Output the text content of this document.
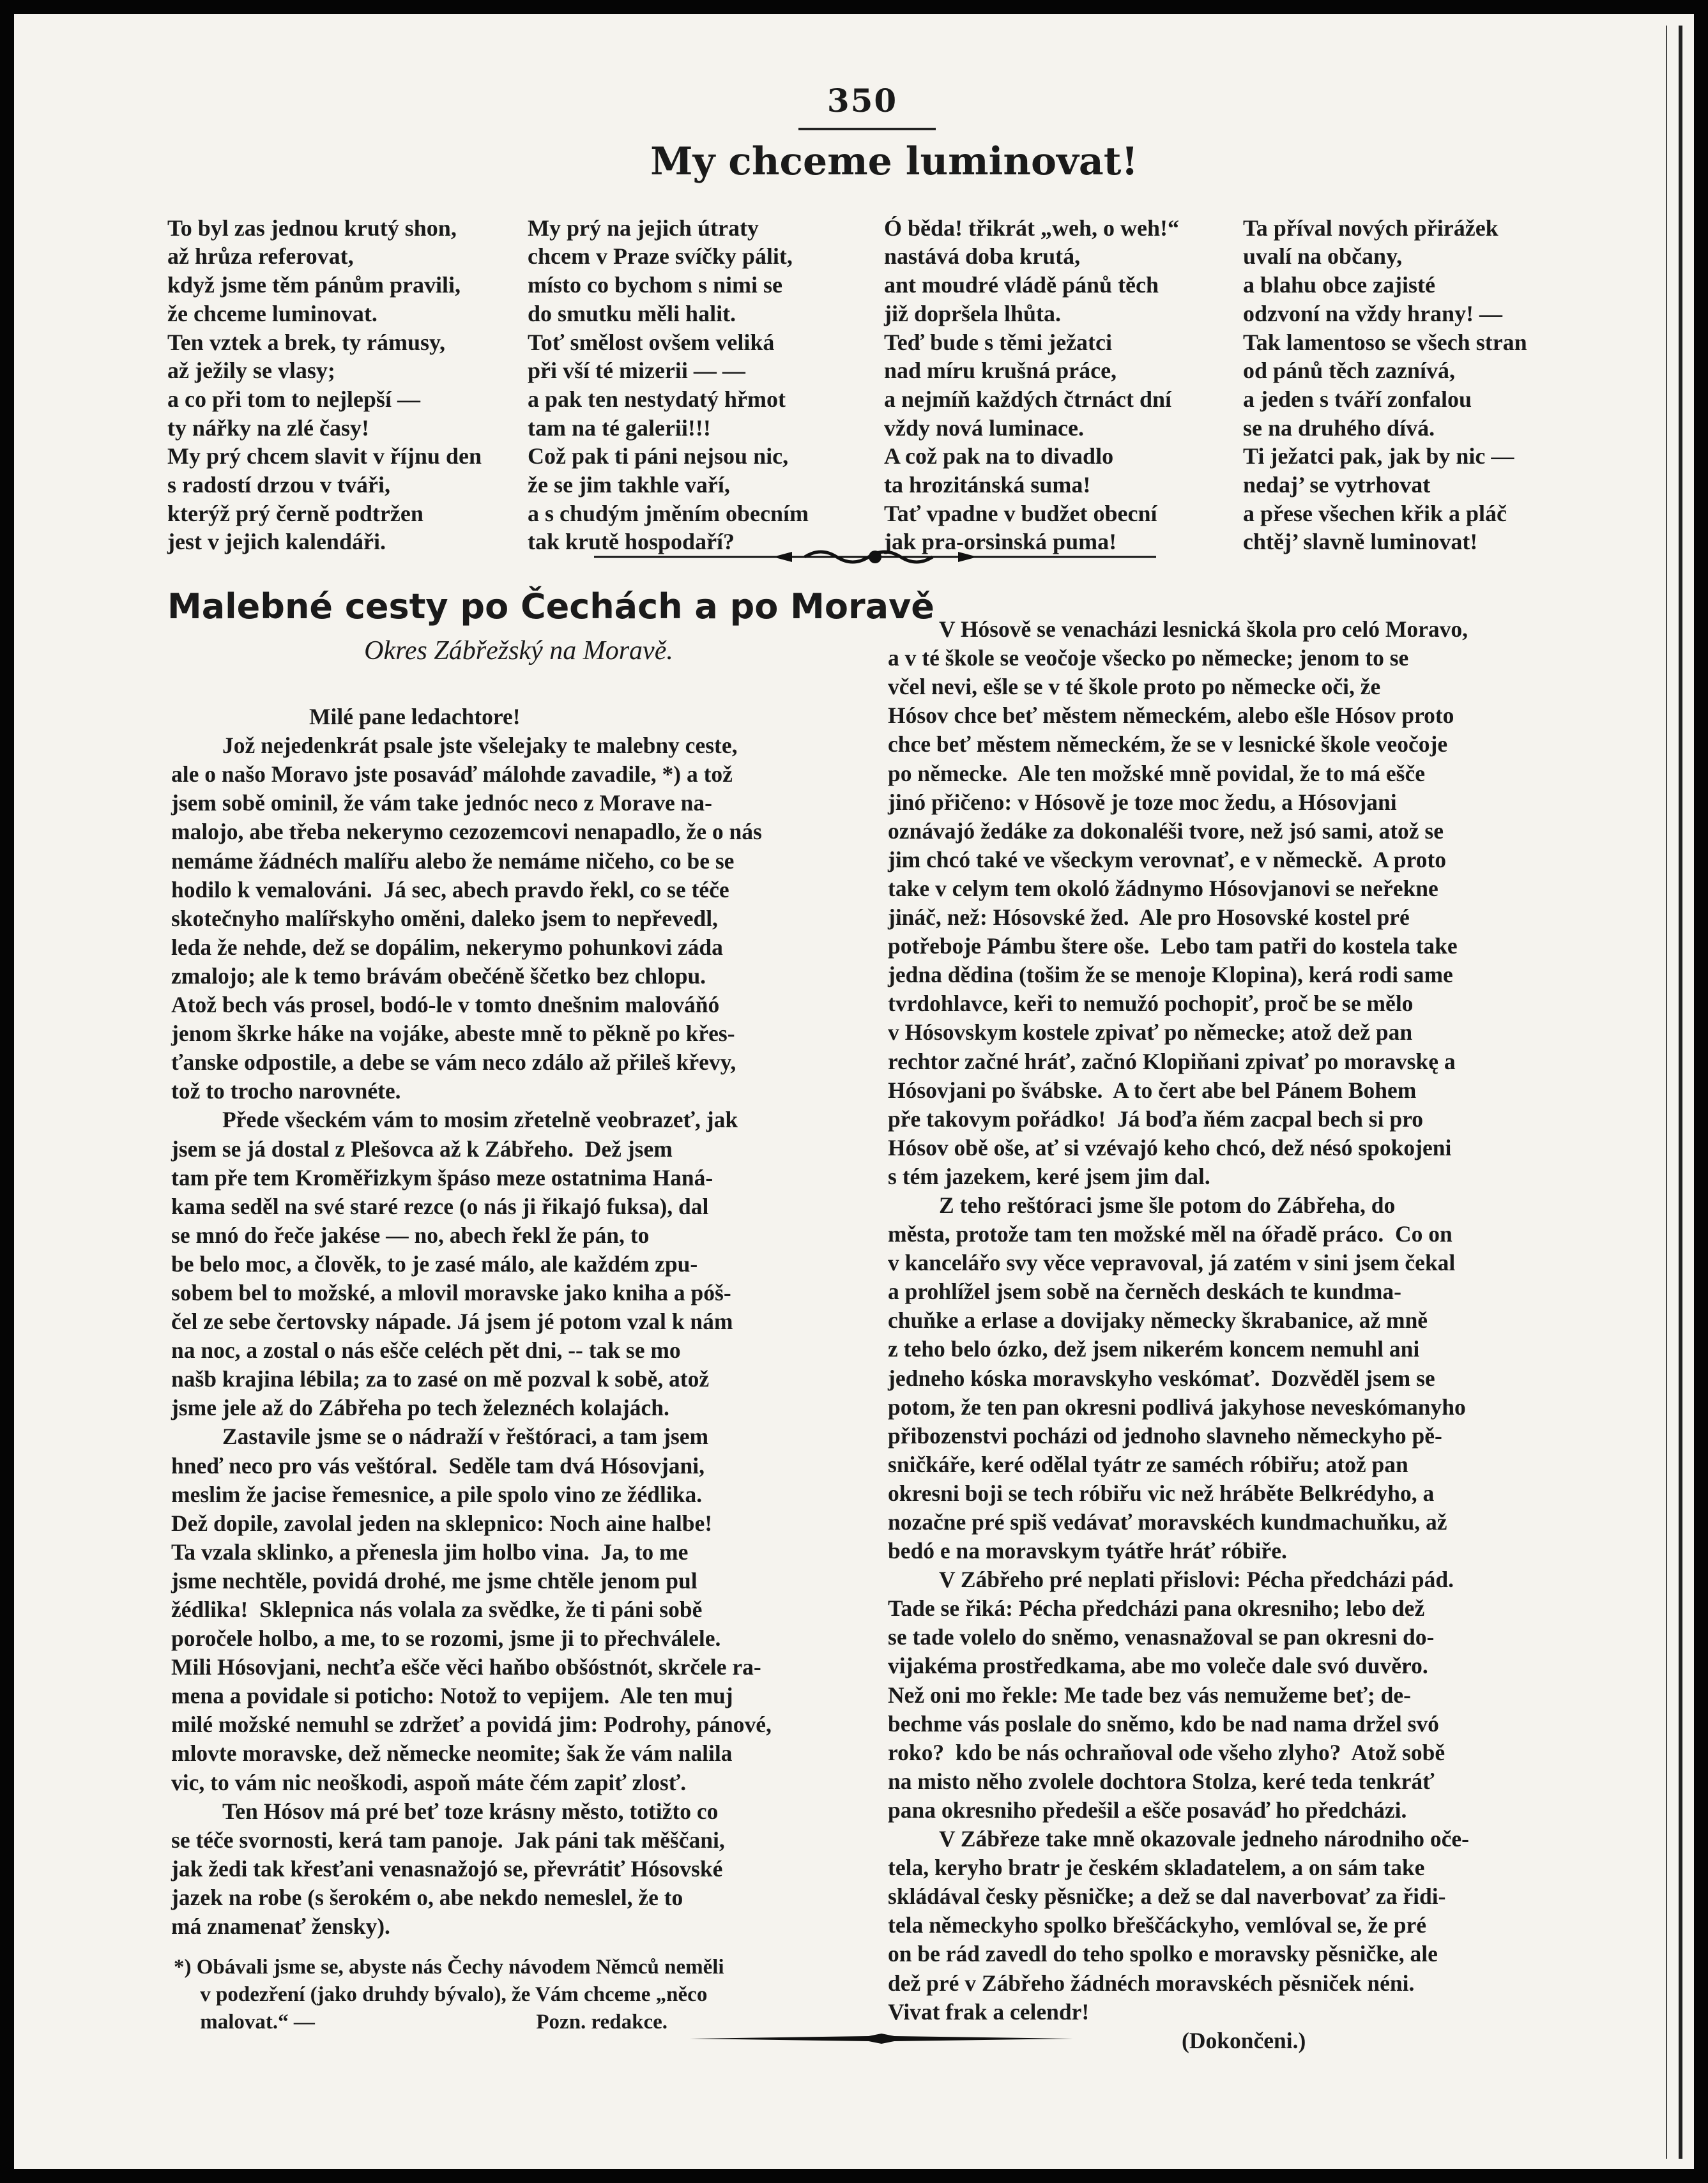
350
My chceme luminovat!

To byl zas jednou krutý shon,
až hrůza referovat,
když jsme těm pánům pravili,
že chceme luminovat.
Ten vztek a brek, ty rámusy,
až ježily se vlasy;
a co při tom to nejlepší —
ty nářky na zlé časy!
My prý chcem slavit v říjnu den
s radostí drzou v tváři,
kterýž prý černě podtržen
jest v jejich kalendáři.

My prý na jejich útraty
chcem v Praze svíčky pálit,
místo co bychom s nimi se
do smutku měli halit.
Toť smělost ovšem veliká
při vší té mizerii — —
a pak ten nestydatý hřmot
tam na té galerii!!!
Což pak ti páni nejsou nic,
že se jim takhle vaří,
a s chudým jměním obecním
tak krutě hospodaří?

Ó běda! třikrát „weh, o weh!“
nastává doba krutá,
ant moudré vládě pánů těch
již dopršela lhůta.
Teď bude s těmi ježatci
nad míru krušná práce,
a nejmíň každých čtrnáct dní
vždy nová luminace.
A což pak na to divadlo
ta hrozitánská suma!
Tať vpadne v budžet obecní
jak pra-orsinská puma!

Ta příval nových přirážek
uvalí na občany,
a blahu obce zajisté
odzvoní na vždy hrany! —
Tak lamentoso se všech stran
od pánů těch zaznívá,
a jeden s tváří zonfalou
se na druhého dívá.
Ti ježatci pak, jak by nic —
nedaj’ se vytrhovat
a přese všechen křik a pláč
chtěj’ slavně luminovat!

Malebné cesty po Čechách a po Moravě
Okres Zábřežský na Moravě.

Milé pane ledachtore!
Jož nejedenkrát psale jste všelejaky te malebny ceste,
ale o našo Moravo jste posaváď málohde zavadile, *) a tož
jsem sobě ominil, že vám take jednóc neco z Morave na-
malojo, abe třeba nekerymo cezozemcovi nenapadlo, že o nás
nemáme žádnéch malířu alebo že nemáme ničeho, co be se
hodilo k vemalováni.  Já sec, abech pravdo řekl, co se téče
skotečnyho malířskyho oměni, daleko jsem to nepřevedl,
leda že nehde, dež se dopálim, nekerymo pohunkovi záda
zmalojo; ale k temo brávám obečéně ščetko bez chlopu.
Atož bech vás prosel, bodó-le v tomto dnešnim malováňó
jenom škrke háke na vojáke, abeste mně to pěkně po křes-
ťanske odpostile, a debe se vám neco zdálo až přileš křevy,
tož to trocho narovnéte.
Přede všeckém vám to mosim zřetelně veobrazeť, jak
jsem se já dostal z Plešovca až k Zábřeho.  Dež jsem
tam pře tem Kroměřizkym špáso meze ostatnima Haná-
kama seděl na své staré rezce (o nás ji řikajó fuksa), dal
se mnó do řeče jakése — no, abech řekl že pán, to
be belo moc, a člověk, to je zasé málo, ale každém zpu-
sobem bel to možské, a mlovil moravske jako kniha a póš-
čel ze sebe čertovsky nápade. Já jsem jé potom vzal k nám
na noc, a zostal o nás ešče celéch pět dni, -- tak se mo
našb krajina lébila; za to zasé on mě pozval k sobě, atož
jsme jele až do Zábřeha po tech železnéch kolajách.
Zastavile jsme se o nádraží v řeštóraci, a tam jsem
hneď neco pro vás veštóral.  Seděle tam dvá Hósovjani,
meslim že jacise řemesnice, a pile spolo vino ze žédlika.
Dež dopile, zavolal jeden na sklepnico: Noch aine halbe!
Ta vzala sklinko, a přenesla jim holbo vina.  Ja, to me
jsme nechtěle, povidá drohé, me jsme chtěle jenom pul
žédlika!  Sklepnica nás volala za svědke, že ti páni sobě
poročele holbo, a me, to se rozomi, jsme ji to přechválele.
Mili Hósovjani, nechťa ešče věci haňbo obšóstnót, skrčele ra-
mena a povidale si poticho: Notož to vepijem.  Ale ten muj
milé možské nemuhl se zdržeť a povidá jim: Podrohy, pánové,
mlovte moravske, dež německe neomite; šak že vám nalila
vic, to vám nic neoškodi, aspoň máte čém zapiť zlosť.
Ten Hósov má pré beť toze krásny město, totižto co
se téče svornosti, kerá tam panoje.  Jak páni tak měščani,
jak žedi tak křesťani venasnažojó se, převrátiť Hósovské
jazek na robe (s šerokém o, abe nekdo nemeslel, že to
má znamenať žensky).

*) Obávali jsme se, abyste nás Čechy návodem Němců neměli
v podezření (jako druhdy bývalo), že Vám chceme „něco
malovat.“ —                                          Pozn. redakce.

V Hósově se venacházi lesnická škola pro celó Moravo,
a v té škole se veočoje všecko po německe; jenom to se
včel nevi, ešle se v té škole proto po německe oči, že
Hósov chce beť městem německém, alebo ešle Hósov proto
chce beť městem německém, že se v lesnické škole veočoje
po německe.  Ale ten možské mně povidal, že to má ešče
jinó přičeno: v Hósově je toze moc žedu, a Hósovjani
oznávajó žedáke za dokonaléši tvore, než jsó sami, atož se
jim chcó také ve všeckym verovnať, e v německě.  A proto
take v celym tem okoló žádnymo Hósovjanovi se neřekne
jináč, než: Hósovské žed.  Ale pro Hosovské kostel pré
potřeboje Pámbu štere oše.  Lebo tam patři do kostela take
jedna dědina (tošim že se menoje Klopina), kerá rodi same
tvrdohlavce, keři to nemužó pochopiť, proč be se mělo
v Hósovskym kostele zpivať po německe; atož dež pan
rechtor začné hráť, začnó Klopiňani zpivať po moravskę a
Hósovjani po švábske.  A to čert abe bel Pánem Bohem
pře takovym pořádko!  Já boďa ňém zacpal bech si pro
Hósov obě oše, ať si vzévajó keho chcó, dež nésó spokojeni
s tém jazekem, keré jsem jim dal.
Z teho reštóraci jsme šle potom do Zábřeha, do
města, protože tam ten možské měl na óřadě práco.  Co on
v kancelářo svy věce vepravoval, já zatém v sini jsem čekal
a prohlížel jsem sobě na černěch deskách te kundma-
chuňke a erlase a dovijaky německy škrabanice, až mně
z teho belo ózko, dež jsem nikerém koncem nemuhl ani
jedneho kóska moravskyho veskómať.  Dozvěděl jsem se
potom, že ten pan okresni podlivá jakyhose neveskómanyho
přibozenstvi pocházi od jednoho slavneho německyho pě-
sničkáře, keré odělal tyátr ze saméch róbiřu; atož pan
okresni boji se tech róbiřu vic než hráběte Belkrédyho, a
nozačne pré spiš vedávať moravskéch kundmachuňku, až
bedó e na moravskym tyátře hráť róbiře.
V Zábřeho pré neplati přislovi: Pécha předcházi pád.
Tade se řiká: Pécha předcházi pana okresniho; lebo dež
se tade volelo do sněmo, venasnažoval se pan okresni do-
vijakéma prostředkama, abe mo voleče dale svó duvěro.
Než oni mo řekle: Me tade bez vás nemužeme beť; de-
bechme vás poslale do sněmo, kdo be nad nama držel svó
roko?  kdo be nás ochraňoval ode všeho zlyho?  Atož sobě
na misto něho zvolele dochtora Stolza, keré teda tenkráť
pana okresniho předešil a ešče posaváď ho předcházi.
V Zábřeze take mně okazovale jedneho národniho oče-
tela, keryho bratr je českém skladatelem, a on sám take
skládával česky pěsničke; a dež se dal naverbovať za řidi-
tela německyho spolko břeščáckyho, vemlóval se, že pré
on be rád zavedl do teho spolko e moravsky pěsničke, ale
dež pré v Zábřeho žádnéch moravskéch pěsniček néni.
Vivat frak a celendr!
(Dokončeni.)
